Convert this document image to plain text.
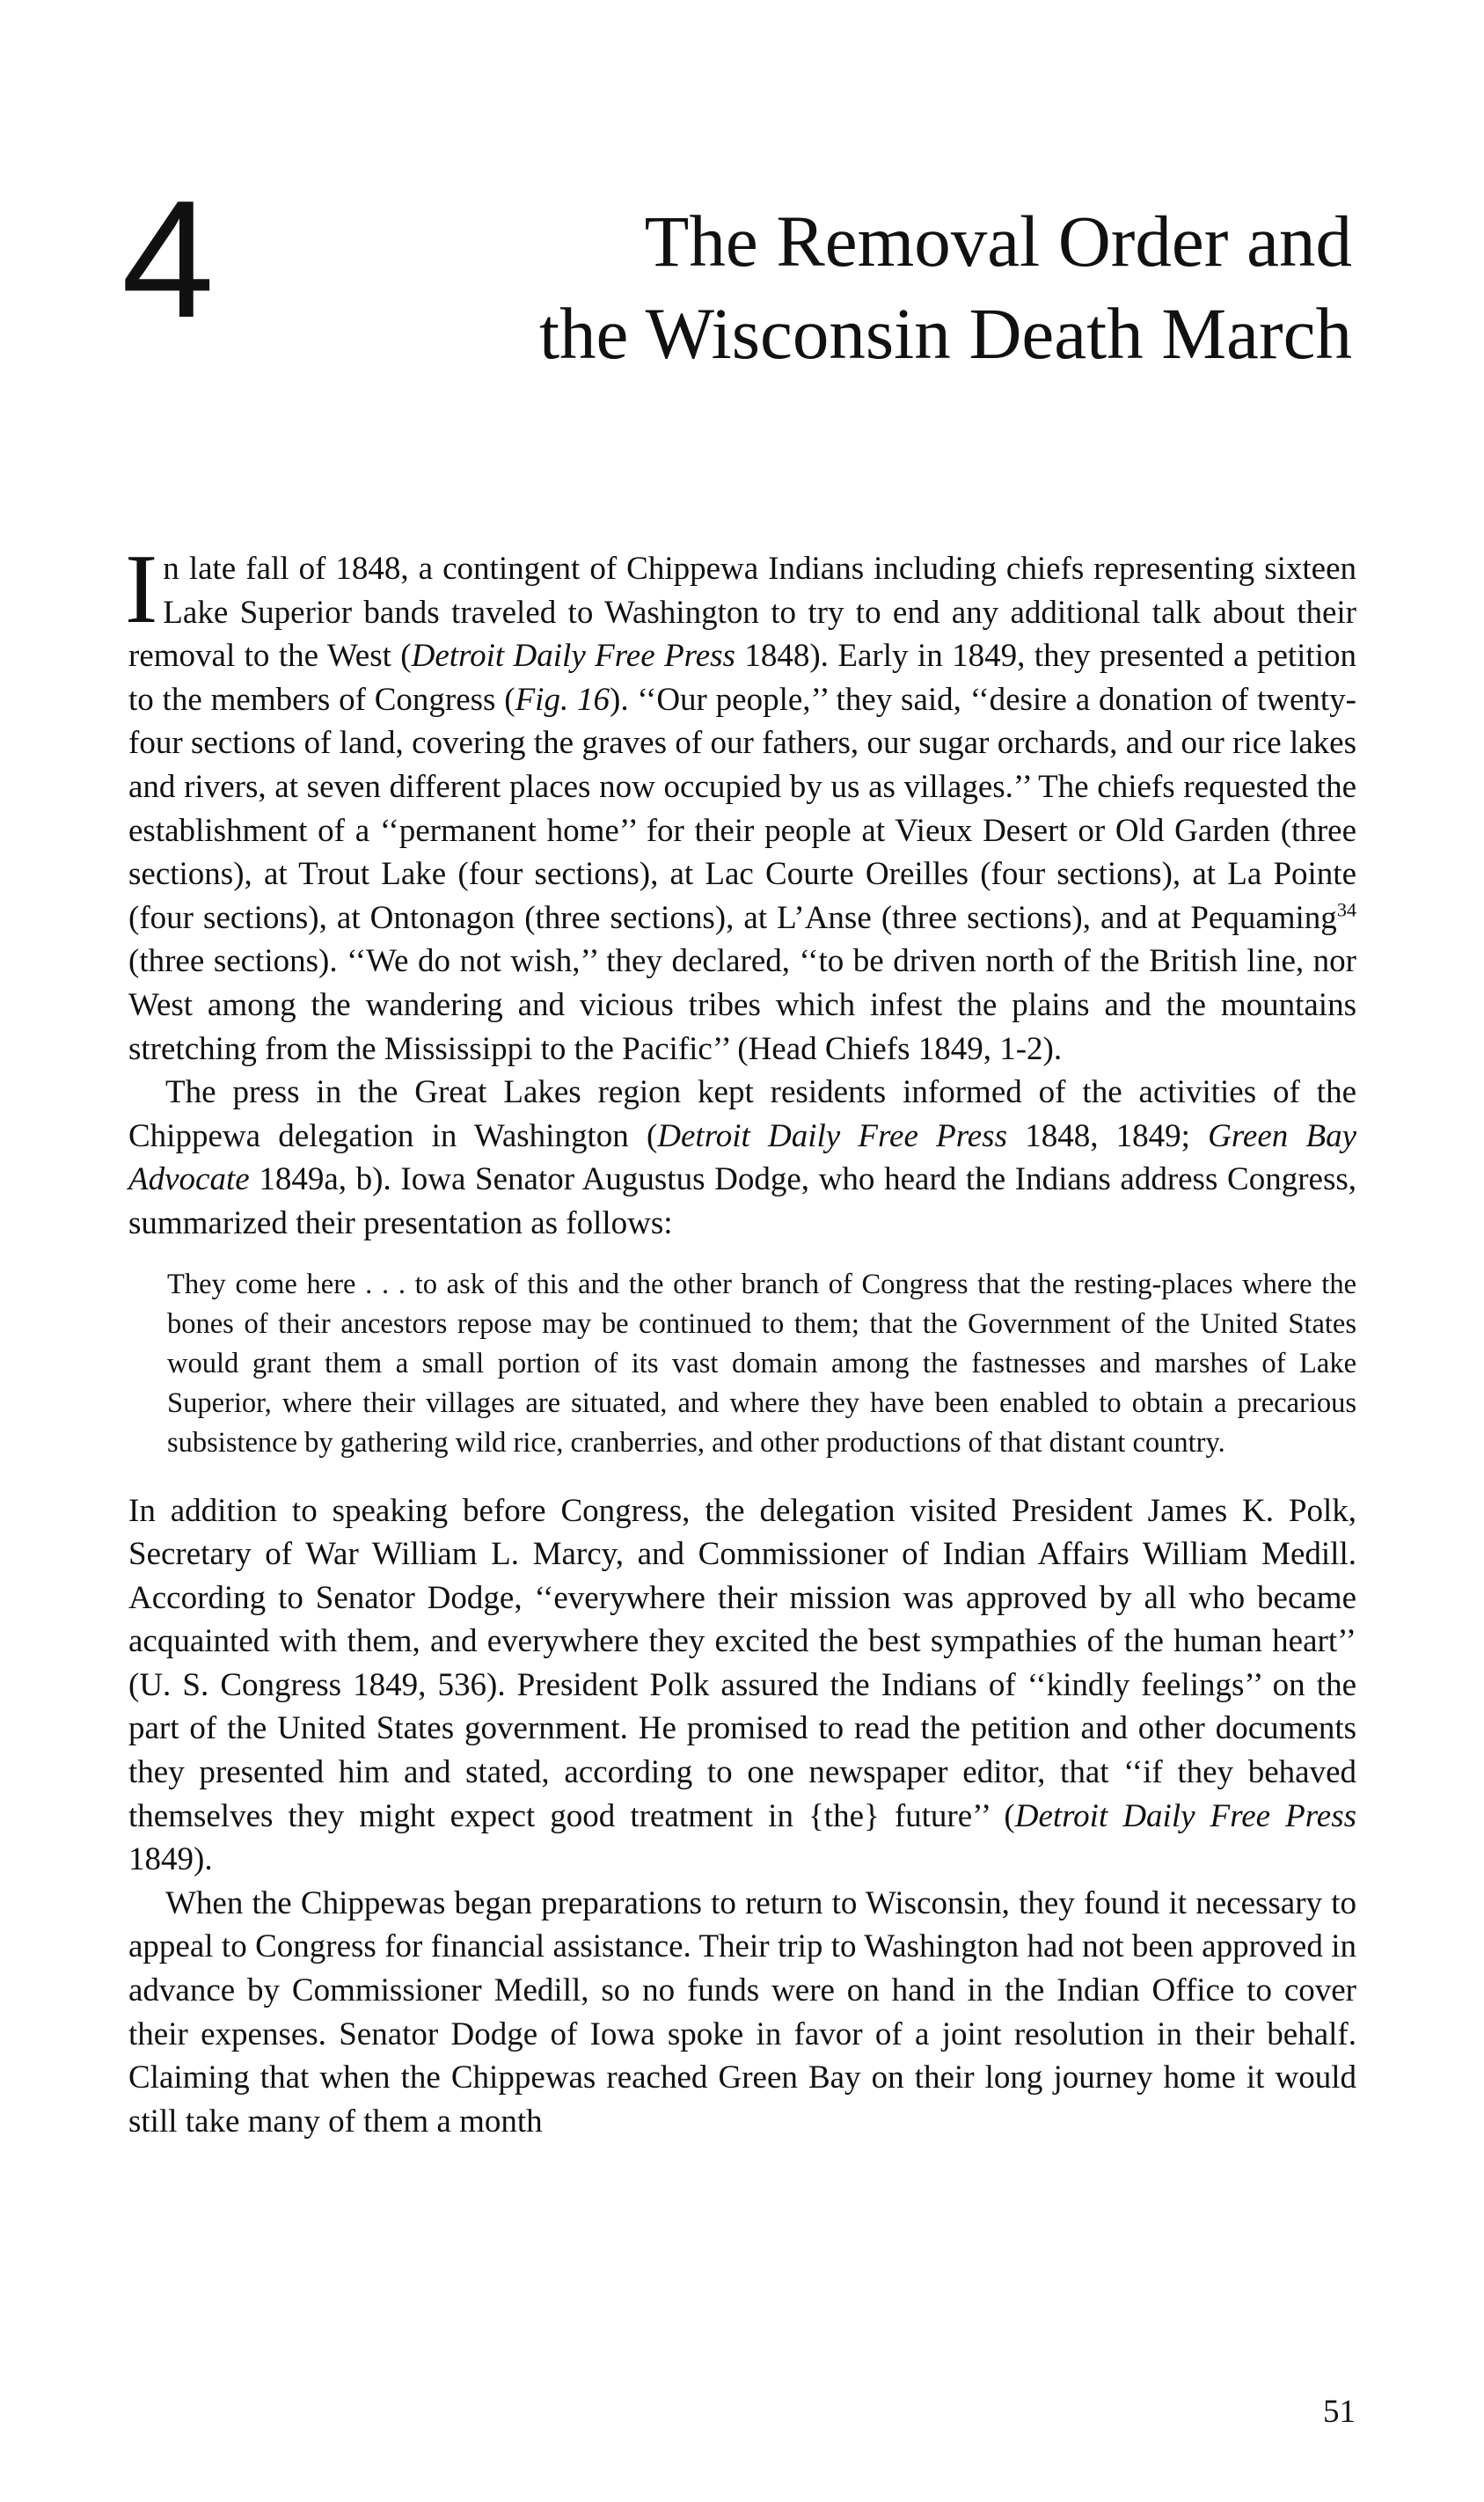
4	The Removal Order and
the Wisconsin Death March

In late fall of 1848, a contingent of Chippewa Indians including chiefs representing sixteen Lake Superior bands traveled to Washington to try to end any additional talk about their removal to the West (Detroit Daily Free Press 1848). Early in 1849, they presented a petition to the members of Congress (Fig. 16). ‘‘Our people,’’ they said, ‘‘desire a donation of twenty-four sections of land, covering the graves of our fathers, our sugar orchards, and our rice lakes and rivers, at seven different places now occupied by us as villages.’’ The chiefs requested the establishment of a ‘‘permanent home’’ for their people at Vieux Desert or Old Garden (three sections), at Trout Lake (four sections), at Lac Courte Oreilles (four sections), at La Pointe (four sections), at Ontonagon (three sections), at L’Anse (three sections), and at Pequaming$^{34}$ (three sections). ‘‘We do not wish,’’ they declared, ‘‘to be driven north of the British line, nor West among the wandering and vicious tribes which infest the plains and the mountains stretching from the Mississippi to the Pacific’’ (Head Chiefs 1849, 1-2).

The press in the Great Lakes region kept residents informed of the activities of the Chippewa delegation in Washington (Detroit Daily Free Press 1848, 1849; Green Bay Advocate 1849a, b). Iowa Senator Augustus Dodge, who heard the Indians address Congress, summarized their presentation as follows:

They come here . . . to ask of this and the other branch of Congress that the resting-places where the bones of their ancestors repose may be continued to them; that the Government of the United States would grant them a small portion of its vast domain among the fastnesses and marshes of Lake Superior, where their villages are situated, and where they have been enabled to obtain a precarious subsistence by gathering wild rice, cranberries, and other productions of that distant country.

In addition to speaking before Congress, the delegation visited President James K. Polk, Secretary of War William L. Marcy, and Commissioner of Indian Affairs William Medill. According to Senator Dodge, ‘‘everywhere their mission was approved by all who became acquainted with them, and everywhere they excited the best sympathies of the human heart’’ (U. S. Congress 1849, 536). President Polk assured the Indians of ‘‘kindly feelings’’ on the part of the United States government. He promised to read the petition and other documents they presented him and stated, according to one newspaper editor, that ‘‘if they behaved themselves they might expect good treatment in {the} future’’ (Detroit Daily Free Press 1849).

When the Chippewas began preparations to return to Wisconsin, they found it necessary to appeal to Congress for financial assistance. Their trip to Washington had not been approved in advance by Commissioner Medill, so no funds were on hand in the Indian Office to cover their expenses. Senator Dodge of Iowa spoke in favor of a joint resolution in their behalf. Claiming that when the Chippewas reached Green Bay on their long journey home it would still take many of them a month

51
